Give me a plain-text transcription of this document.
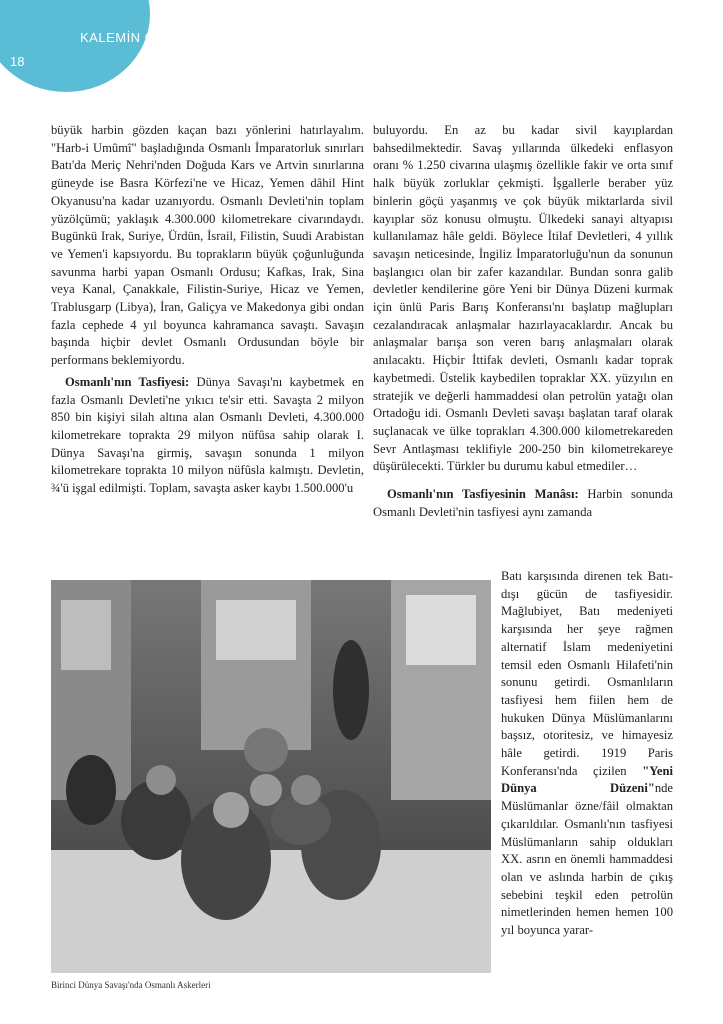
18
KALEMİN GÜCÜ

büyük harbin gözden kaçan bazı yönlerini hatırlayalım. "Harb-i Umûmî" başladığında Osmanlı İmparatorluk sınırları Batı'da Meriç Nehri'nden Doğuda Kars ve Artvin sınırlarına güneyde ise Basra Körfezi'ne ve Hicaz, Yemen dâhil Hint Okyanusu'na kadar uzanıyordu. Osmanlı Devleti'nin toplam yüzölçümü; yaklaşık 4.300.000 kilometrekare civarındaydı. Bugünkü Irak, Suriye, Ürdün, İsrail, Filistin, Suudi Arabistan ve Yemen'i kapsıyordu. Bu toprakların büyük çoğunluğunda savunma harbi yapan Osmanlı Ordusu; Kafkas, Irak, Sina veya Kanal, Çanakkale, Filistin-Suriye, Hicaz ve Yemen, Trablusgarp (Libya), İran, Galiçya ve Makedonya gibi ondan fazla cephede 4 yıl boyunca kahramanca savaştı. Savaşın başında hiçbir devlet Osmanlı Ordusundan böyle bir performans beklemiyordu.

Osmanlı'nın Tasfiyesi: Dünya Savaşı'nı kaybetmek en fazla Osmanlı Devleti'ne yıkıcı te'sir etti. Savaşta 2 milyon 850 bin kişiyi silah altına alan Osmanlı Devleti, 4.300.000 kilometrekare toprakta 29 milyon nüfûsa sahip olarak I. Dünya Savaşı'na girmiş, savaşın sonunda 1 milyon kilometrekare topraktа 10 milyon nüfûsla kalmıştı. Devletin, ¾'ü işgal edilmişti. Toplam, savaşta asker kaybı 1.500.000'u

buluyordu. En az bu kadar sivil kayıplardan bahsedilmektedir. Savaş yıllarında ülkedeki enflasyon oranı % 1.250 civarına ulaşmış özellikle fakir ve orta sınıf halk büyük zorluklar çekmişti. İşgallerle beraber yüz binlerin göçü yaşanmış ve çok büyük miktarlarda sivil kayıplar söz konusu olmuştu. Ülkedeki sanayi altyapısı kullanılamaz hâle geldi. Böylece İtilaf Devletleri, 4 yıllık savaşın neticesinde, İngiliz İmparatorluğu'nun da sonunun başlangıcı olan bir zafer kazandılar. Bundan sonra galib devletler kendilerine göre Yeni bir Dünya Düzeni kurmak için ünlü Paris Barış Konferansı'nı başlatıp mağlupları cezalandıracak anlaşmalar hazırlayacaklardır. Ancak bu anlaşmalar barışa son veren barış anlaşmaları olarak anılacaktı. Hiçbir İttifak devleti, Osmanlı kadar toprak kaybetmedi. Üstelik kaybedilen topraklar XX. yüzyılın en stratejik ve değerli hammaddesi olan petrolün yatağı olan Ortadoğu idi. Osmanlı Devleti savaşı başlatan taraf olarak suçlanacak ve ülke toprakları 4.300.000 kilometrekareden Sevr Antlaşması teklifiyle 200-250 bin kilometrekareye düşürülecekti. Türkler bu durumu kabul etmediler…

Osmanlı'nın Tasfiyesinin Manâsı: Harbin sonunda Osmanlı Devleti'nin tasfiyesi aynı zamanda

Batı karşısında direnen tek Batı-dışı gücün de tasfiyesidir. Mağlubiyet, Batı medeniyeti karşısında her şeye rağmen alternatif İslam medeniyetini temsil eden Osmanlı Hilafeti'nin sonunu getirdi. Osmanlıların tasfiyesi hem fiilen hem de hukuken Dünya Müslümanlarını başsız, otoritesiz, ve himayesiz hâle getirdi. 1919 Paris Konferansı'nda çizilen "Yeni Dünya Düzeni"nde Müslümanlar özne/fâil olmaktan çıkarıldılar. Osmanlı'nın tasfiyesi Müslümanların sahip oldukları XX. asrın en önemli hammaddesi olan ve aslında harbin de çıkış sebebini teşkil eden petrolün nimetlerinden hemen hemen 100 yıl boyunca yarar-

Birinci Dünya Savaşı'nda Osmanlı Askerleri
